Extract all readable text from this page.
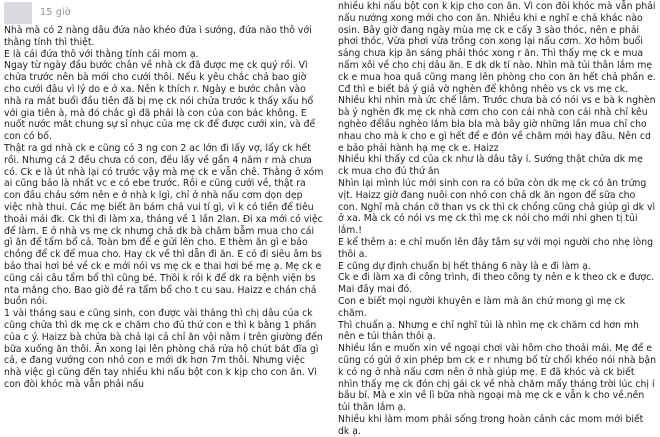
15 giờ

Nhà mà có 2 nàng dâu đứa nào khéo đứa ì sướng, đứa nào thô với thằng tính thì thiệt.

E là cái đứa thô với thằng tính cái mom ạ.

Ngay từ ngày đầu bước chân về nhà ck đã được mẹ ck quý rồi. Vì chửa trước nên bà mới cho cưới thôi. Nếu k yêu chắc chả bao giờ cho cưới đâu vì lý do e ở xa. Nên k thích r. Ngày e bước chân vào nhà ra mắt buổi đầu tiên đã bị mẹ ck nói chửa trước k thấy xấu hổ với gia tiên à, mà đó chắc gì đã phải là con của con bác không. E nuốt nước mắt chung sự sỉ nhục của mẹ ck để được cưới xin, và để con có bố.

Thật ra gd nhà ck e cũng có 3 ng con 2 ac lớn đi lấy vợ, lấy ck hết rồi. Nhưng cả 2 đều chưa có con, đều lấy về gần 4 năm r mà chưa có. Ck e là út nhà lại có trước vậy mà mẹ ck e vẫn chê. Thằng ở xóm ai cũng bảo là nhất vc e có ebe trước. Rồi e cũng cưới về, thật ra con đầu cháu sớm nên e ở nhà k lgì, chỉ ở nhà nấu cơm dọn dẹp việc nhà thui. Các mẹ biết ăn bám chả vui tí gì, vì k có tiền để tiêu thoải mái đk. Ck thì đi làm xa, tháng về 1 lần 2lan. Đi xa mới có việc để làm. E ở nhà vs mẹ ck nhưng chả dk bà chăm bẫm mua cho cái gì ăn để tẩm bổ cả. Toàn bm để e gửi lên cho. E thèm ăn gì e bảo chồng để ck để mua cho. Hay ck về thì dẫn đi ăn. E có đi siêu âm bs bảo thai hơi bé về ck e mới nói vs mẹ ck e thai hơi bé mẹ ạ. Mẹ ck e cũng cái câu tẩm bổ thì cũng bé. Thôi k rồi k để dk ra bệnh viện bs nta mắng cho. Bao giờ đẻ ra tẩm bổ cho t cu sau. Haizz e chán chả buồn nói.

1 vài tháng sau e cũng sinh, con được vài tháng thì chị dâu của ck cũng chửa thì dk mẹ ck e chăm cho đủ thứ con e thì k bằng 1 phần của c ý. Haizz bà chửa bà chả lại cả chỉ ăn vội nằm í trên giường đến bữa xuống ăn thôi. Ăn xong lại lên phòng chả rửa hộ chút bát đĩa gì cả, e đang vướng con nhỏ con e mới dk hơn 7m thôi. Nhưng việc nhà việc gì cũng đến tay nhiều khi nấu bột con k kịp cho con ăn. Vì con đòi khóc mà vẫn phải nấu

nhiều khi nấu bột con k kịp cho con ăn. Vì con đòi khóc mà vẫn phải nấu nướng xong mới cho con ăn. Nhiều khi e nghĩ e chả khác nào osin. Bây giờ đang ngày mùa mẹ ck e cấy 3 sào thóc, nên e phải phơi thóc. Vừa phơi vừa trông con xong lại nấu cơm. Xơ hôm buổi sáng chưa kịp ăn sáng phải thóc xong r ăn. Thì thấy mẹ ck e mua nấm xôi về cho chị dâu ăn. E dk dk tí nào. Nhìn mà tủi thân lắm mẹ ck e mua hoa quả cũng mang lên phòng cho con ăn hết chả phần e. Cđ thì e biết bả ý giả vờ nghèn để không nhêo vs ck vs mẹ ck. Nhiều khi nhìn mà ức chế lắm. Trước chưa bà có nói vs e bà k nghèn bà ý nghèn đk mẹ ck nhà cơm cho con cái nhà con cái nhà chỉ kêu nghèo đểlầu nghèo lắm bla bla mà bây giờ những lần mua chỉ cho nhau cho mà k cho e gì hết để e đón về chăm mới hay đâu. Nên cd e bảo phải hành hạ mẹ ck e. Haizz

Nhiều khi thấy cd của ck như là dâu tây í. Sướng thật chửa dk mẹ ck mua cho đủ thứ ăn

Nhìn lại mình lúc mới sinh con ra có bữa còn dk mẹ ck có ăn trứng vịt. Haizz giờ đang nuôi con nhỏ con chả dk ăn ngon để sữa cho con. Nghĩ mà chán cỡ than vs ck thì ck chồng cũng chả giúp gì dk vì ở xa. Mà ck có nói vs mẹ ck thì mẹ ck nói cho mới nhi ghen tị tủi lắm.!

E kể thêm a: e chỉ muốn lên đây tâm sự với mọi người cho nhẹ lòng thôi a.

E cũng dự định chuẩn bị hết tháng 6 này là e đi làm ạ.

Ck e đi làm xa đi công trình, đi theo công ty nên e k theo ck e được. Mai đây mai đó.

Con e biết mọi người khuyên e làm mà ăn chứ mong gì mẹ ck chăm.

Thì chuẩn ạ. Nhưng e chỉ nghĩ tủi là nhìn mẹ ck chăm cd hơn mh nên e tủi thân thôi ạ.

Nhiều lần e muốn xin về ngoại chơi vài hôm cho thoải mái. Mẹ để e cũng có gửi ở xin phép bm ck e r nhưng bố từ chối khéo nói nhà bận k có ng ở nhà nấu cơm nên ở nhà giúp mẹ. E đã khóc và ck biết nhìn thấy mẹ ck đón chị gái ck về nhà chăm mấy tháng trời lúc chị í bầu bí. Mà e xin về lì bữa nhà ngoại mà mẹ ck e vẫn k cho về.nên tủi thân lắm ạ.

Nhiều khi làm mom phải sống trong hoàn cảnh các mom mới biết dk ạ.
